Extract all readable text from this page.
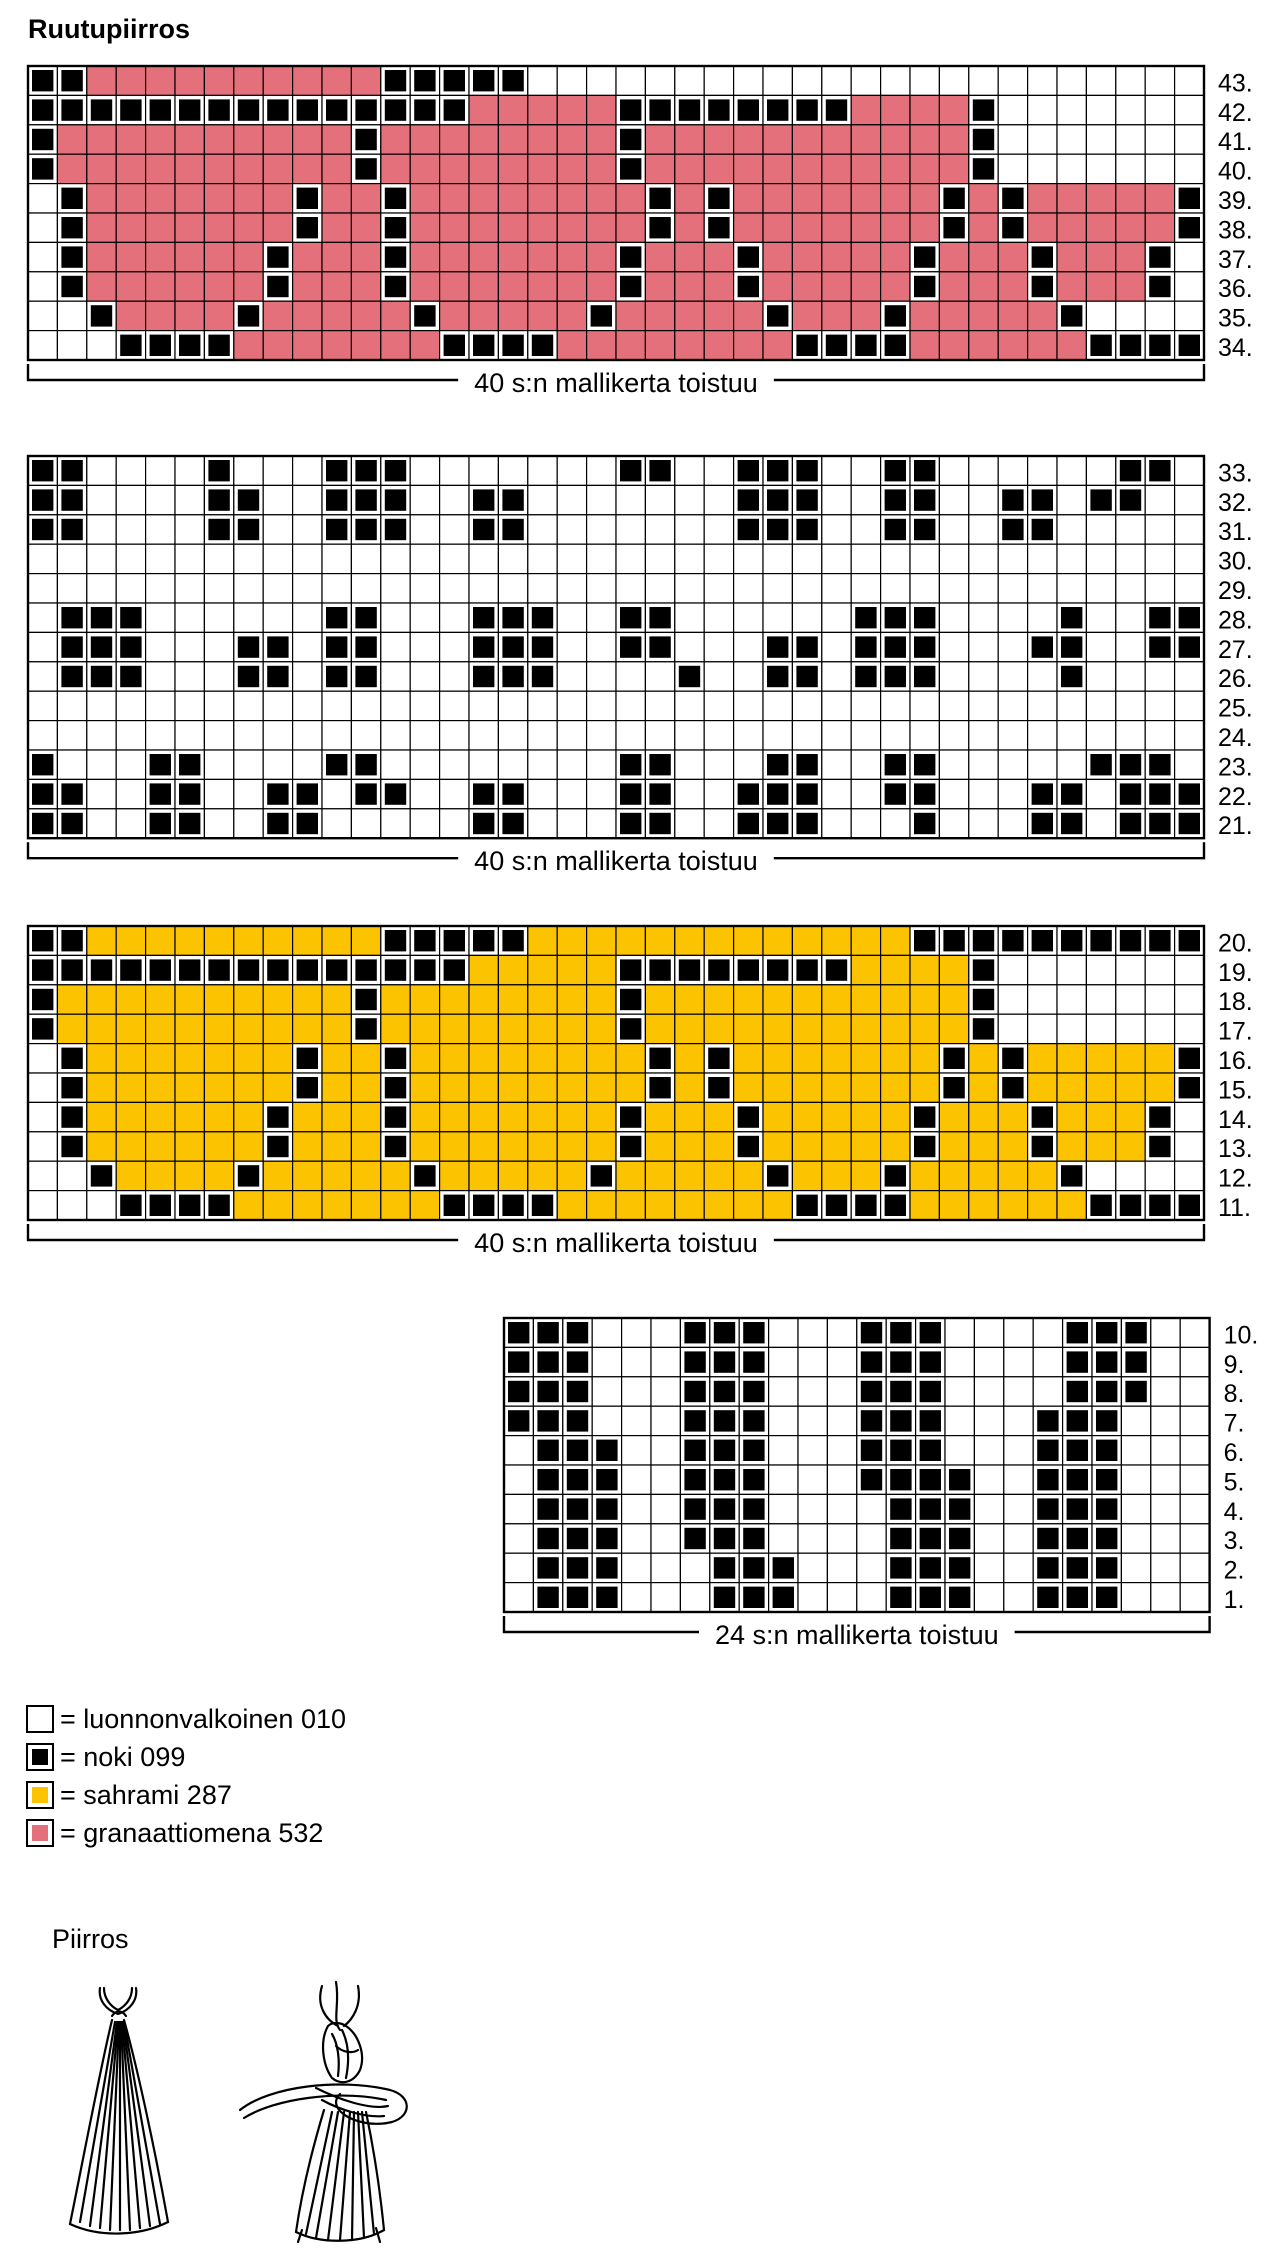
Ruutupiirros
43.
42.
41.
40.
39.
38.
37.
36.
35.
34.
40 s:n mallikerta toistuu
33.
32.
31.
30.
29.
28.
27.
26.
25.
24.
23.
22.
21.
40 s:n mallikerta toistuu
20.
19.
18.
17.
16.
15.
14.
13.
12.
11.
40 s:n mallikerta toistuu
10.
9.
8.
7.
6.
5.
4.
3.
2.
1.
24 s:n mallikerta toistuu
= luonnonvalkoinen 010
= noki 099
= sahrami 287
= granaattiomena 532
Piirros
